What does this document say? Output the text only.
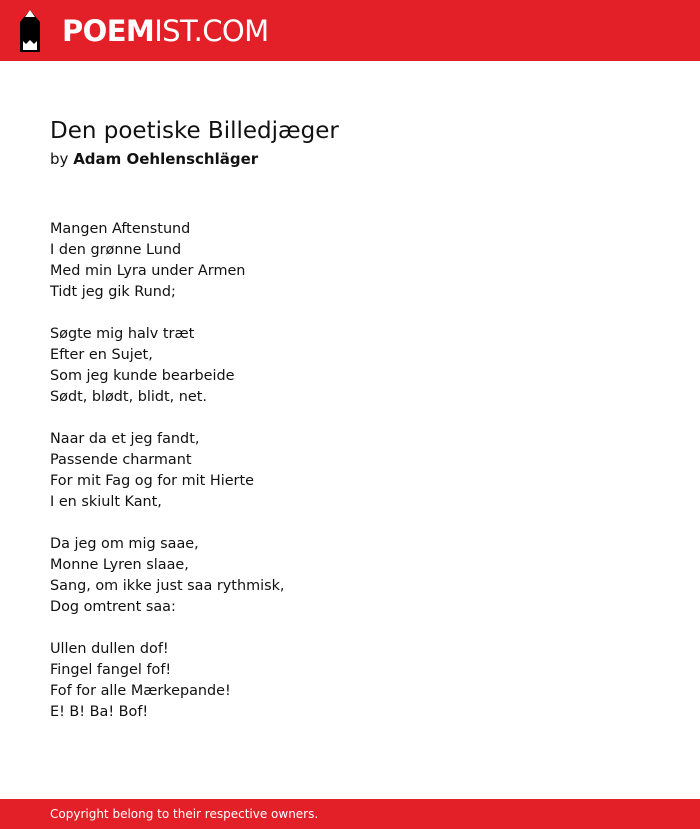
POEMIST.COM
Den poetiske Billedjæger
by Adam Oehlenschläger
Mangen Aftenstund
I den grønne Lund
Med min Lyra under Armen
Tidt jeg gik Rund;
Søgte mig halv træt
Efter en Sujet,
Som jeg kunde bearbeide
Sødt, blødt, blidt, net.
Naar da et jeg fandt,
Passende charmant
For mit Fag og for mit Hierte
I en skiult Kant,
Da jeg om mig saae,
Monne Lyren slaae,
Sang, om ikke just saa rythmisk,
Dog omtrent saa:
Ullen dullen dof!
Fingel fangel fof!
Fof for alle Mærkepande!
E! B! Ba! Bof!
Copyright belong to their respective owners.
